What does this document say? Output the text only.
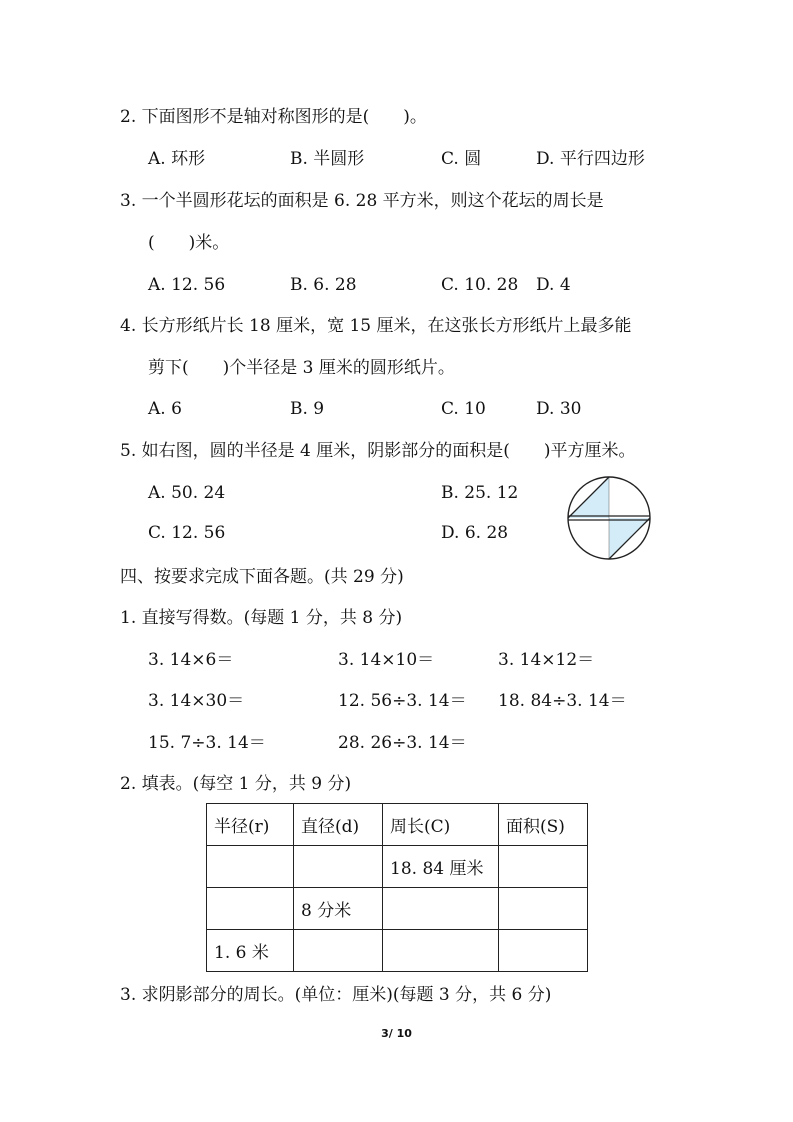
2. 下面图形不是轴对称图形的是(　　)。
A. 环形	B. 半圆形	C. 圆	D. 平行四边形
3. 一个半圆形花坛的面积是 6. 28 平方米，则这个花坛的周长是
(　　)米。
A. 12. 56	B. 6. 28	C. 10. 28 D. 4
4. 长方形纸片长 18 厘米，宽 15 厘米，在这张长方形纸片上最多能
剪下(　　)个半径是 3 厘米的圆形纸片。
A. 6	B. 9	C. 10	D. 30
5. 如右图，圆的半径是 4 厘米，阴影部分的面积是(　　)平方厘米。
A. 50. 24	B. 25. 12
C. 12. 56	D. 6. 28
四、按要求完成下面各题。(共 29 分)
1. 直接写得数。(每题 1 分，共 8 分)
3. 14×6＝	3. 14×10＝	3. 14×12＝
3. 14×30＝	12. 56÷3. 14＝ 18. 84÷3. 14＝
15. 7÷3. 14＝	28. 26÷3. 14＝
2. 填表。(每空 1 分，共 9 分)
半径(r)	直径(d)	周长(C)	面积(S)
		18. 84 厘米	
	8 分米		
1. 6 米			
3. 求阴影部分的周长。(单位：厘米)(每题 3 分，共 6 分)
3/ 10
